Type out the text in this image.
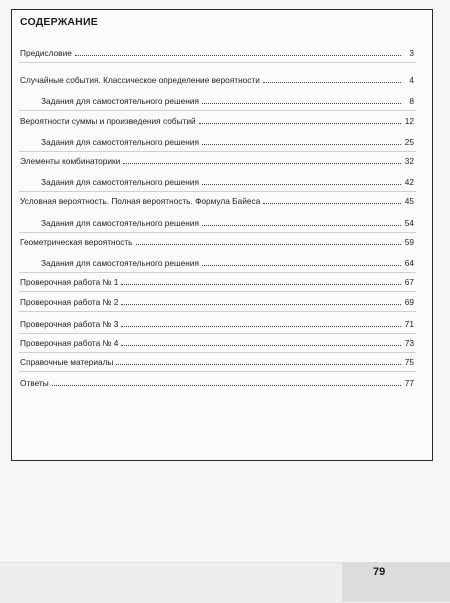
СОДЕРЖАНИЕ
Предисловие	3
Случайные события. Классическое определение вероятности	4
Задания для самостоятельного решения	8
Вероятности суммы и произведения событий	12
Задания для самостоятельного решения	25
Элементы комбинаторики	32
Задания для самостоятельного решения	42
Условная вероятность. Полная вероятность. Формула Байеса	45
Задания для самостоятельного решения	54
Геометрическая вероятность	59
Задания для самостоятельного решения	64
Проверочная работа № 1	67
Проверочная работа № 2	69
Проверочная работа № 3	71
Проверочная работа № 4	73
Справочные материалы	75
Ответы	77
79
